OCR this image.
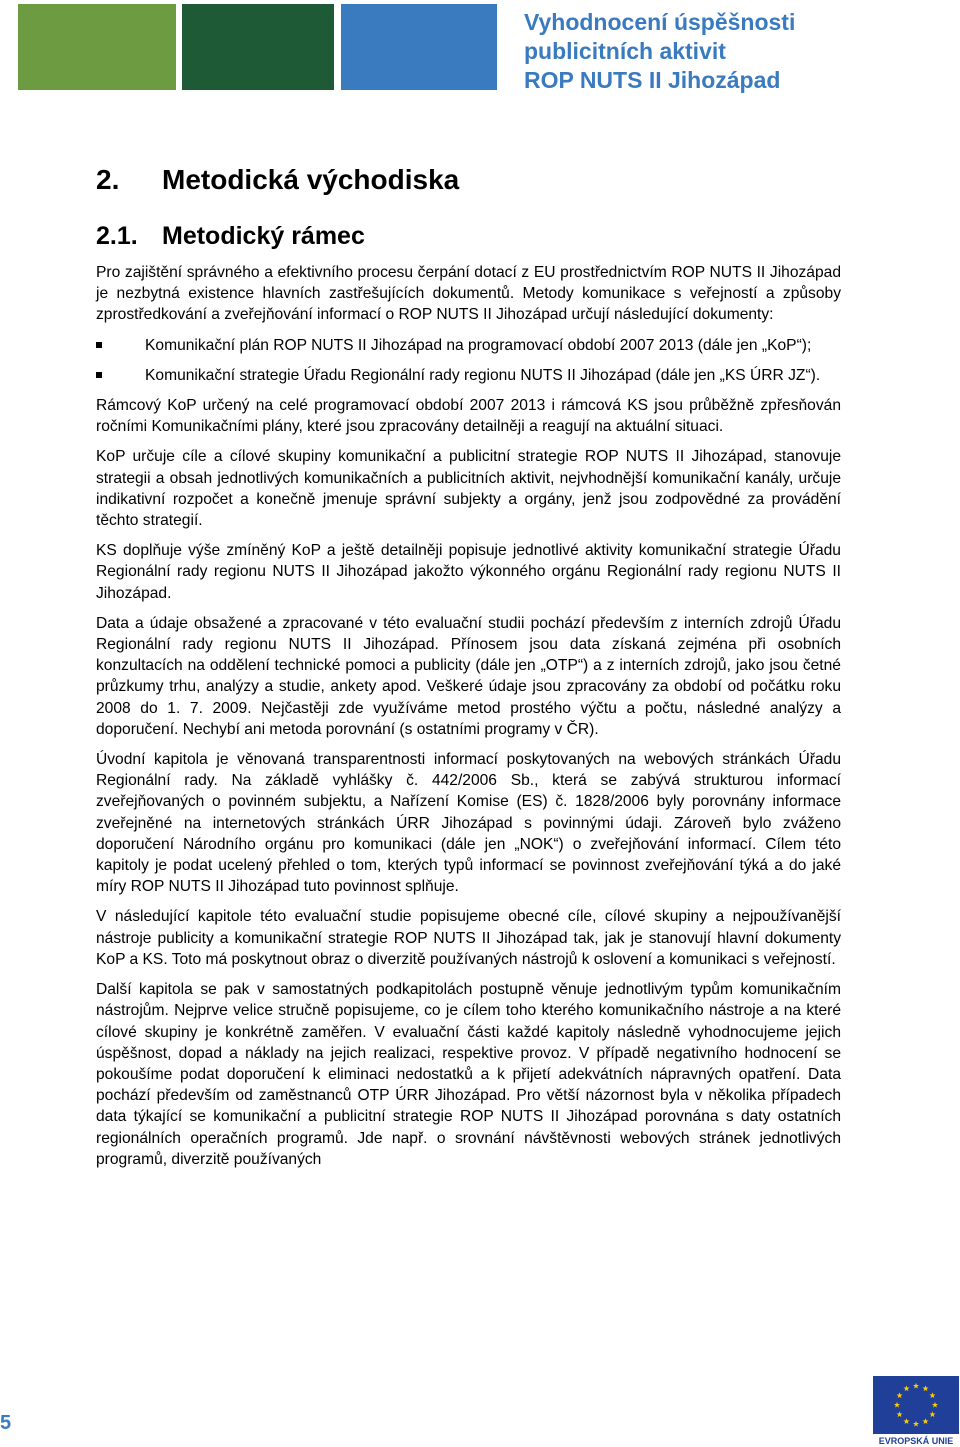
Vyhodnocení úspěšnosti
publicitních aktivit
ROP NUTS II Jihozápad
2. Metodická východiska
2.1. Metodický rámec

Pro zajištění správného a efektivního procesu čerpání dotací z EU prostřednictvím ROP NUTS II Jihozápad je nezbytná existence hlavních zastřešujících dokumentů. Metody komunikace s veřejností a způsoby zprostředkování a zveřejňování informací o ROP NUTS II Jihozápad určují následující dokumenty:

Komunikační plán ROP NUTS II Jihozápad na programovací období 2007 2013 (dále jen „KoP“);
Komunikační strategie Úřadu Regionální rady regionu NUTS II Jihozápad (dále jen „KS ÚRR JZ“).

Rámcový KoP určený na celé programovací období 2007 2013 i rámcová KS jsou průběžně zpřesňován ročními Komunikačními plány, které jsou zpracovány detailněji a reagují na aktuální situaci.

KoP určuje cíle a cílové skupiny komunikační a publicitní strategie ROP NUTS II Jihozápad, stanovuje strategii a obsah jednotlivých komunikačních a publicitních aktivit, nejvhodnější komunikační kanály, určuje indikativní rozpočet a konečně jmenuje správní subjekty a orgány, jenž jsou zodpovědné za provádění těchto strategií.

KS doplňuje výše zmíněný KoP a ještě detailněji popisuje jednotlivé aktivity komunikační strategie Úřadu Regionální rady regionu NUTS II Jihozápad jakožto výkonného orgánu Regionální rady regionu NUTS II Jihozápad.

Data a údaje obsažené a zpracované v této evaluační studii pochází především z interních zdrojů Úřadu Regionální rady regionu NUTS II Jihozápad. Přínosem jsou data získaná zejména při osobních konzultacích na oddělení technické pomoci a publicity (dále jen „OTP“) a z interních zdrojů, jako jsou četné průzkumy trhu, analýzy a studie, ankety apod. Veškeré údaje jsou zpracovány za období od počátku roku 2008 do 1. 7. 2009. Nejčastěji zde využíváme metod prostého výčtu a počtu, následné analýzy a doporučení. Nechybí ani metoda porovnání (s ostatními programy v ČR).

Úvodní kapitola je věnovaná transparentnosti informací poskytovaných na webových stránkách Úřadu Regionální rady. Na základě vyhlášky č. 442/2006 Sb., která se zabývá strukturou informací zveřejňovaných o povinném subjektu, a Nařízení Komise (ES) č. 1828/2006 byly porovnány informace zveřejněné na internetových stránkách ÚRR Jihozápad s povinnými údaji. Zároveň bylo zváženo doporučení Národního orgánu pro komunikaci (dále jen „NOK“) o zveřejňování informací. Cílem této kapitoly je podat ucelený přehled o tom, kterých typů informací se povinnost zveřejňování týká a do jaké míry ROP NUTS II Jihozápad tuto povinnost splňuje.

V následující kapitole této evaluační studie popisujeme obecné cíle, cílové skupiny a nejpoužívanější nástroje publicity a komunikační strategie ROP NUTS II Jihozápad tak, jak je stanovují hlavní dokumenty KoP a KS. Toto má poskytnout obraz o diverzitě používaných nástrojů k oslovení a komunikaci s veřejností.

Další kapitola se pak v samostatných podkapitolách postupně věnuje jednotlivým typům komunikačním nástrojům. Nejprve velice stručně popisujeme, co je cílem toho kterého komunikačního nástroje a na které cílové skupiny je konkrétně zaměřen. V evaluační části každé kapitoly následně vyhodnocujeme jejich úspěšnost, dopad a náklady na jejich realizaci, respektive provoz. V případě negativního hodnocení se pokoušíme podat doporučení k eliminaci nedostatků a k přijetí adekvátních nápravných opatření. Data pochází především od zaměstnanců OTP ÚRR Jihozápad. Pro větší názornost byla v několika případech data týkající se komunikační a publicitní strategie ROP NUTS II Jihozápad porovnána s daty ostatních regionálních operačních programů. Jde např. o srovnání návštěvnosti webových stránek jednotlivých programů, diverzitě používaných

5
EVROPSKÁ UNIE
